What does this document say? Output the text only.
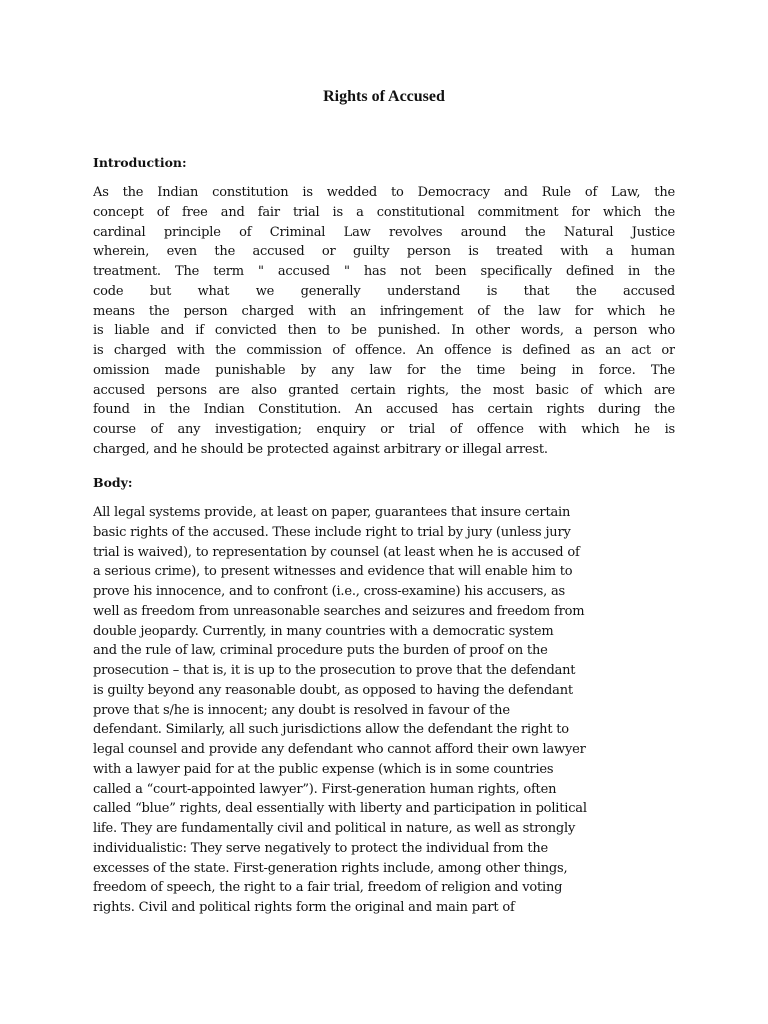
Rights of Accused
Introduction:
As the Indian constitution is wedded to Democracy and Rule of Law, the
concept of free and fair trial is a constitutional commitment for which the
cardinal principle of Criminal Law revolves around the Natural Justice
wherein, even the accused or guilty person is treated with a human
treatment. The term " accused " has not been specifically defined in the
code but what we generally understand is that the accused
means the person charged with an infringement of the law for which he
is liable and if convicted then to be punished. In other words, a person who
is charged with the commission of offence. An offence is defined as an act or
omission made punishable by any law for the time being in force. The
accused persons are also granted certain rights, the most basic of which are
found in the Indian Constitution. An accused has certain rights during the
course of any investigation; enquiry or trial of offence with which he is
charged, and he should be protected against arbitrary or illegal arrest.
Body:
All legal systems provide, at least on paper, guarantees that insure certain
basic rights of the accused. These include right to trial by jury (unless jury
trial is waived), to representation by counsel (at least when he is accused of
a serious crime), to present witnesses and evidence that will enable him to
prove his innocence, and to confront (i.e., cross-examine) his accusers, as
well as freedom from unreasonable searches and seizures and freedom from
double jeopardy. Currently, in many countries with a democratic system
and the rule of law, criminal procedure puts the burden of proof on the
prosecution – that is, it is up to the prosecution to prove that the defendant
is guilty beyond any reasonable doubt, as opposed to having the defendant
prove that s/he is innocent; any doubt is resolved in favour of the
defendant. Similarly, all such jurisdictions allow the defendant the right to
legal counsel and provide any defendant who cannot afford their own lawyer
with a lawyer paid for at the public expense (which is in some countries
called a “court-appointed lawyer”). First-generation human rights, often
called “blue” rights, deal essentially with liberty and participation in political
life. They are fundamentally civil and political in nature, as well as strongly
individualistic: They serve negatively to protect the individual from the
excesses of the state. First-generation rights include, among other things,
freedom of speech, the right to a fair trial, freedom of religion and voting
rights. Civil and political rights form the original and main part of
